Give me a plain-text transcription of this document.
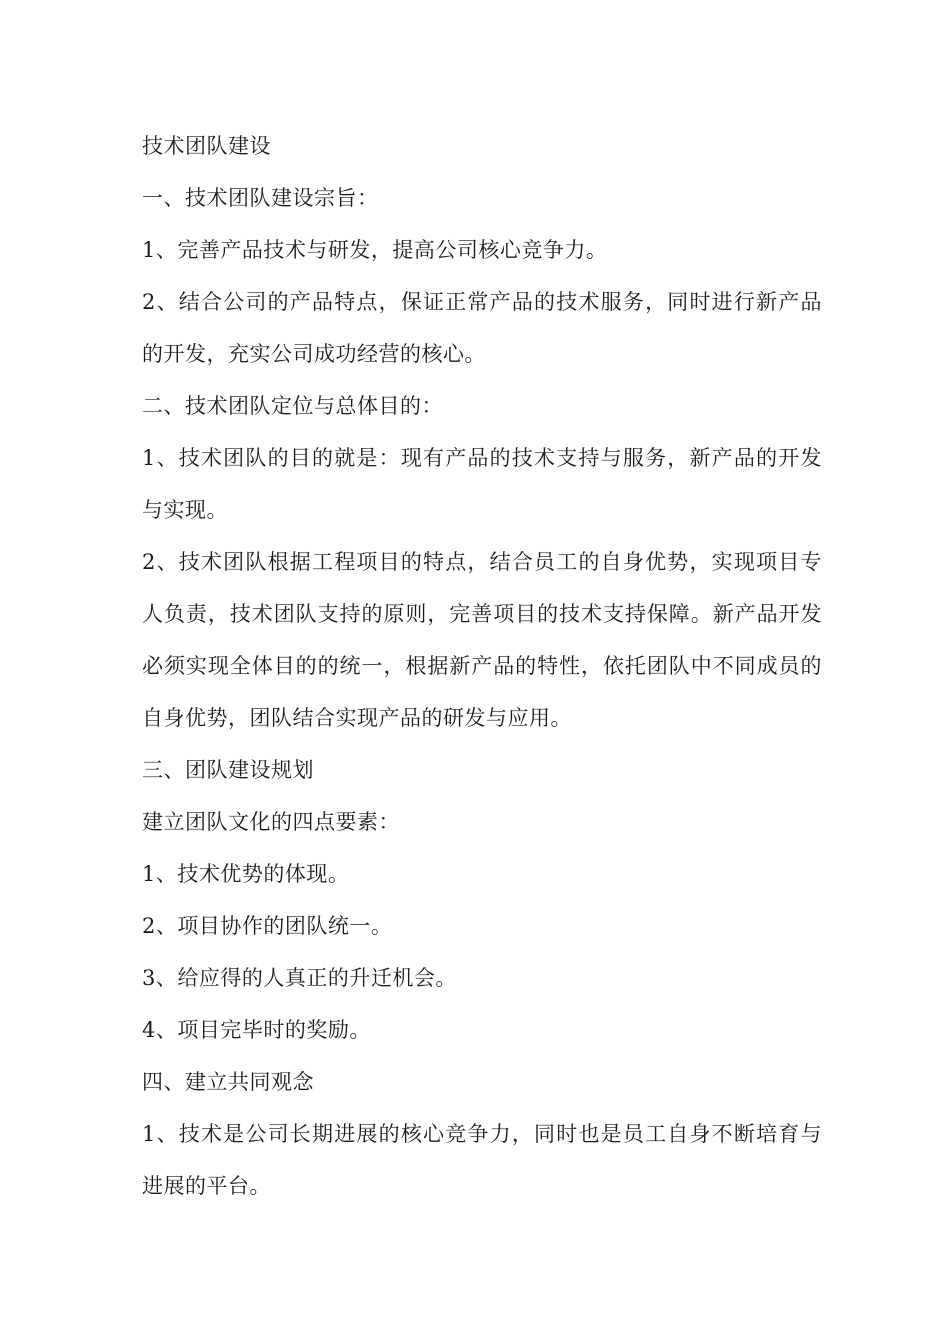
技术团队建设

一、技术团队建设宗旨：

1、完善产品技术与研发，提高公司核心竞争力。

2、结合公司的产品特点，保证正常产品的技术服务，同时进行新产品的开发，充实公司成功经营的核心。

二、技术团队定位与总体目的：

1、技术团队的目的就是：现有产品的技术支持与服务，新产品的开发与实现。

2、技术团队根据工程项目的特点，结合员工的自身优势，实现项目专人负责，技术团队支持的原则，完善项目的技术支持保障。新产品开发必须实现全体目的的统一，根据新产品的特性，依托团队中不同成员的自身优势，团队结合实现产品的研发与应用。

三、团队建设规划

建立团队文化的四点要素：

1、技术优势的体现。

2、项目协作的团队统一。

3、给应得的人真正的升迁机会。

4、项目完毕时的奖励。

四、建立共同观念

1、技术是公司长期进展的核心竞争力，同时也是员工自身不断培育与进展的平台。
